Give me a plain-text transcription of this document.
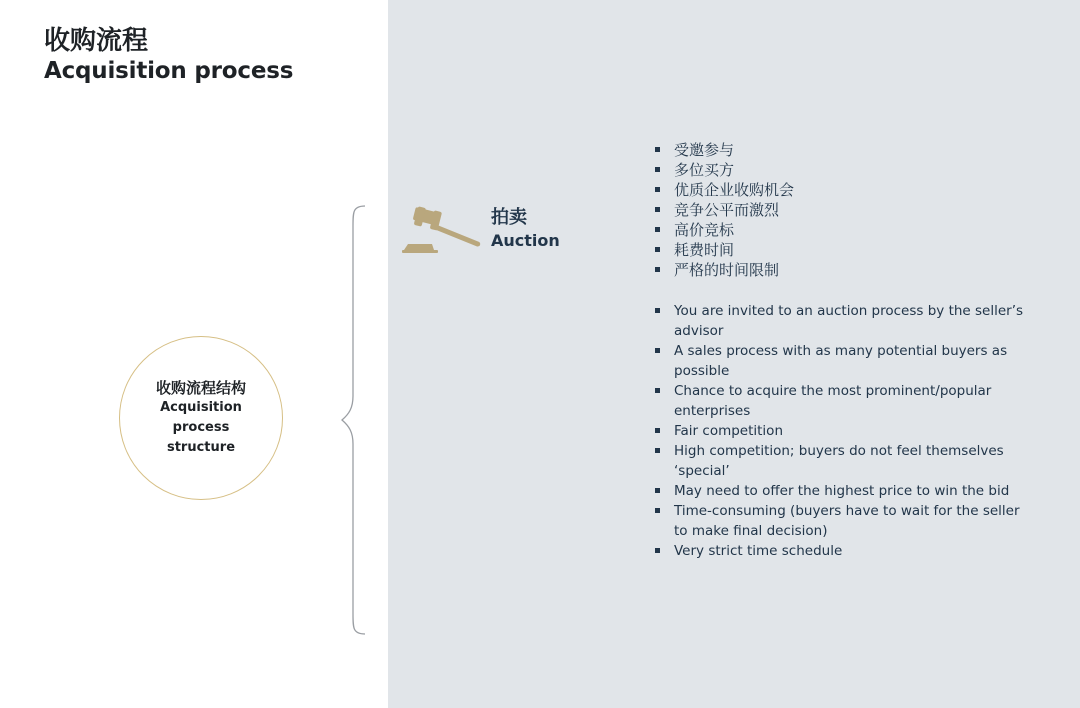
收购流程
Acquisition process
收购流程结构
Acquisition process structure
拍卖
Auction
受邀参与
多位买方
优质企业收购机会
竞争公平而激烈
高价竞标
耗费时间
严格的时间限制
You are invited to an auction process by the seller’s advisor
A sales process with as many potential buyers as possible
Chance to acquire the most prominent/popular enterprises
Fair competition
High competition; buyers do not feel themselves ‘special’
May need to offer the highest price to win the bid
Time-consuming (buyers have to wait for the seller to make final decision)
Very strict time schedule
